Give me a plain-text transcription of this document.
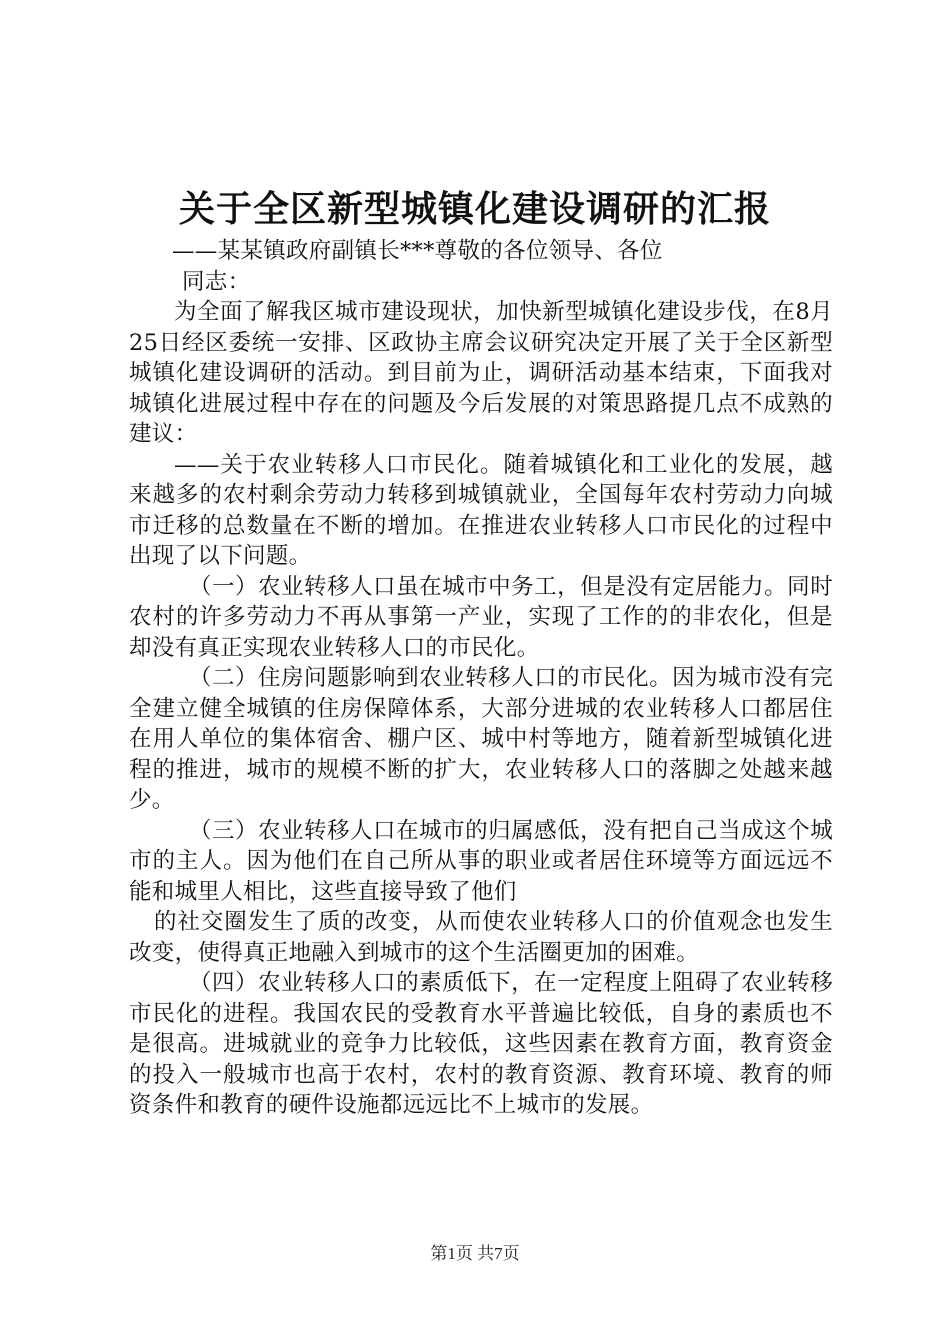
关于全区新型城镇化建设调研的汇报

——某某镇政府副镇长***尊敬的各位领导、各位

同志：

为全面了解我区城市建设现状，加快新型城镇化建设步伐，在8月25日经区委统一安排、区政协主席会议研究决定开展了关于全区新型城镇化建设调研的活动。到目前为止，调研活动基本结束，下面我对城镇化进展过程中存在的问题及今后发展的对策思路提几点不成熟的建议：

——关于农业转移人口市民化。随着城镇化和工业化的发展，越来越多的农村剩余劳动力转移到城镇就业，全国每年农村劳动力向城市迁移的总数量在不断的增加。在推进农业转移人口市民化的过程中出现了以下问题。

（一）农业转移人口虽在城市中务工，但是没有定居能力。同时农村的许多劳动力不再从事第一产业，实现了工作的的非农化，但是却没有真正实现农业转移人口的市民化。

（二）住房问题影响到农业转移人口的市民化。因为城市没有完全建立健全城镇的住房保障体系，大部分进城的农业转移人口都居住在用人单位的集体宿舍、棚户区、城中村等地方，随着新型城镇化进程的推进，城市的规模不断的扩大，农业转移人口的落脚之处越来越少。

（三）农业转移人口在城市的归属感低，没有把自己当成这个城市的主人。因为他们在自己所从事的职业或者居住环境等方面远远不能和城里人相比，这些直接导致了他们

的社交圈发生了质的改变，从而使农业转移人口的价值观念也发生改变，使得真正地融入到城市的这个生活圈更加的困难。

（四）农业转移人口的素质低下，在一定程度上阻碍了农业转移市民化的进程。我国农民的受教育水平普遍比较低，自身的素质也不是很高。进城就业的竞争力比较低，这些因素在教育方面，教育资金的投入一般城市也高于农村，农村的教育资源、教育环境、教育的师资条件和教育的硬件设施都远远比不上城市的发展。

第1页 共7页
